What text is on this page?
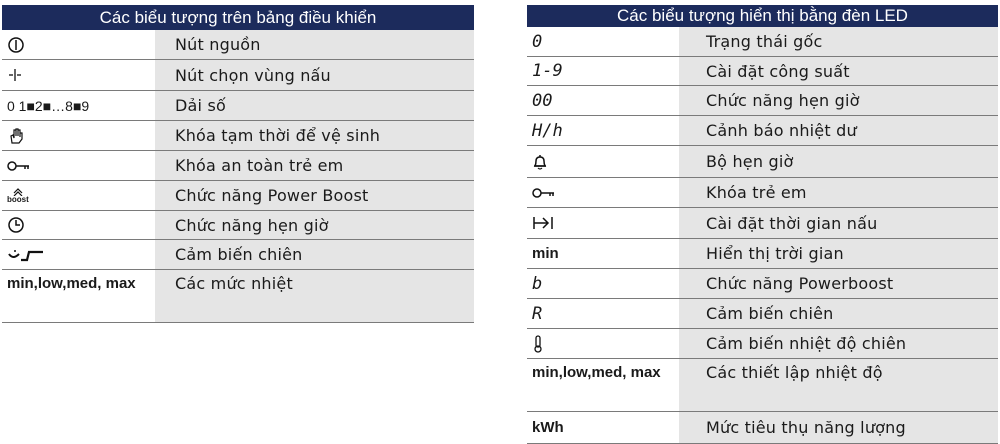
Các biểu tượng trên bảng điều khiển
Nút nguồn
Nút chọn vùng nấu
0 1■2■…8■9	Dải số
Khóa tạm thời để vệ sinh
Khóa an toàn trẻ em
boost	Chức năng Power Boost
Chức năng hẹn giờ
Cảm biến chiên
min,low,med, max	Các mức nhiệt
Các biểu tượng hiển thị bằng đèn LED
0	Trạng thái gốc
1-9	Cài đặt công suất
00	Chức năng hẹn giờ
H/h	Cảnh báo nhiệt dư
Bộ hẹn giờ
Khóa trẻ em
Cài đặt thời gian nấu
min	Hiển thị trời gian
b	Chức năng Powerboost
R	Cảm biến chiên
Cảm biến nhiệt độ chiên
min,low,med, max	Các thiết lập nhiệt độ
kWh	Mức tiêu thụ năng lượng
